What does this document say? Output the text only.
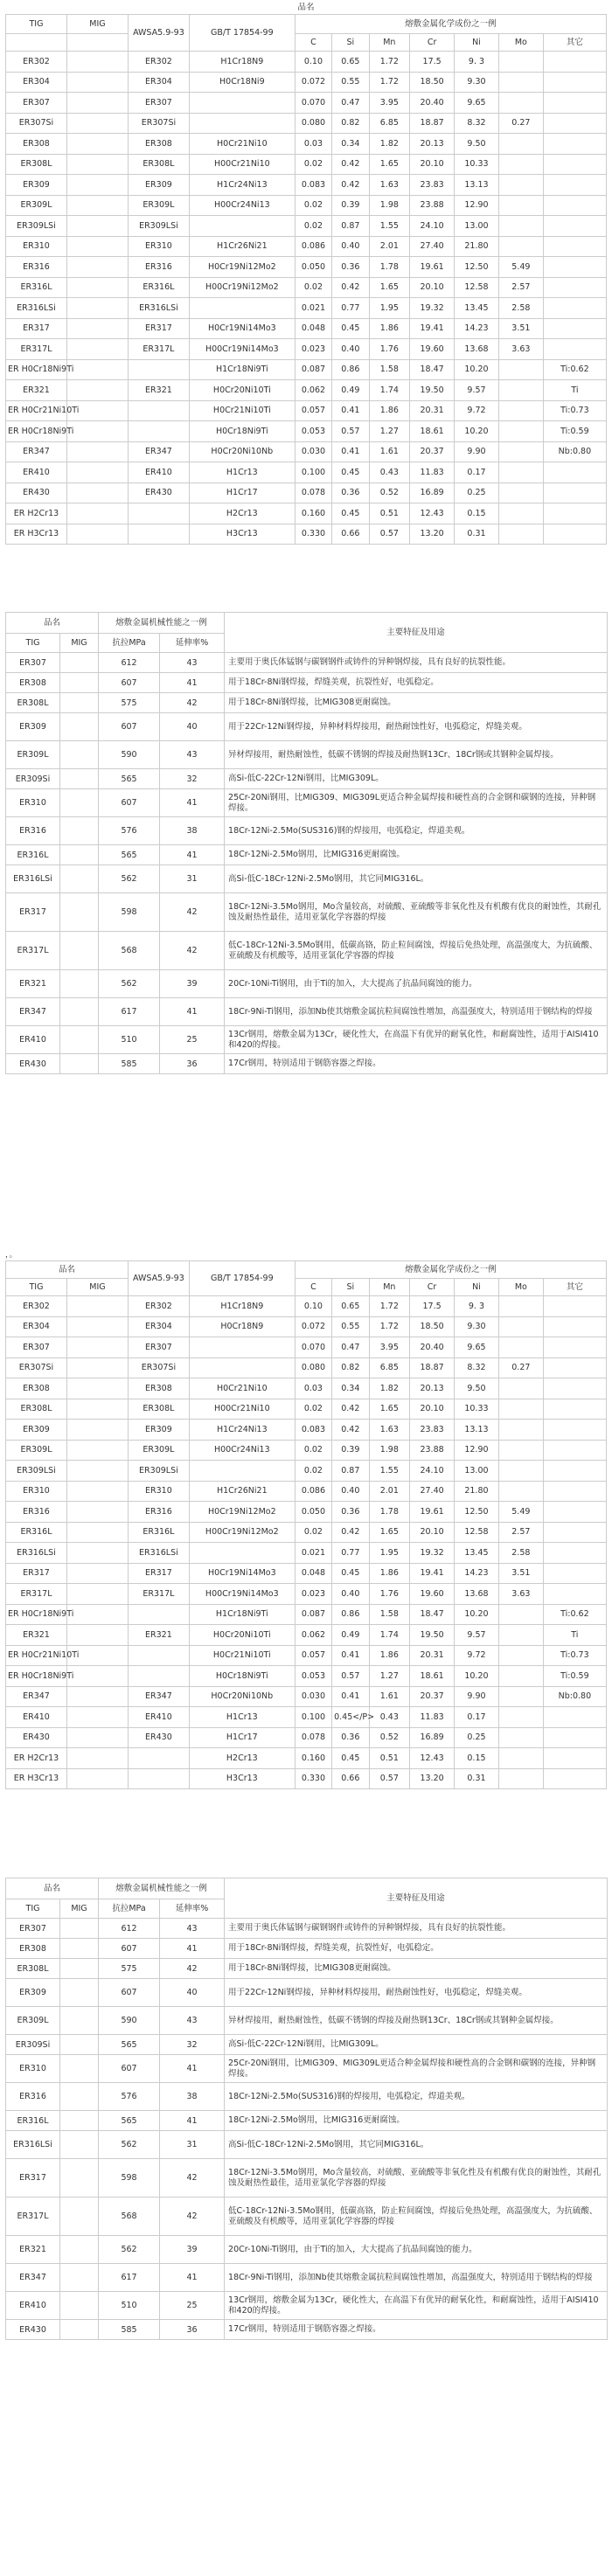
品名
TIG	MIG	AWSA5.9-93	GB/T 17854-99	熔敷金属化学成份之一例						
				C	Si	Mn	Cr	Ni	Mo	其它
ER302		ER302	H1Cr18N9	0.10	0.65	1.72	17.5	9. 3		
ER304		ER304	H0Cr18Ni9	0.072	0.55	1.72	18.50	9.30		
ER307		ER307		0.070	0.47	3.95	20.40	9.65		
ER307Si		ER307Si		0.080	0.82	6.85	18.87	8.32	0.27	
ER308		ER308	H0Cr21Ni10	0.03	0.34	1.82	20.13	9.50		
ER308L		ER308L	H00Cr21Ni10	0.02	0.42	1.65	20.10	10.33		
ER309		ER309	H1Cr24Ni13	0.083	0.42	1.63	23.83	13.13		
ER309L		ER309L	H00Cr24Ni13	0.02	0.39	1.98	23.88	12.90		
ER309LSi		ER309LSi		0.02	0.87	1.55	24.10	13.00		
ER310		ER310	H1Cr26Ni21	0.086	0.40	2.01	27.40	21.80		
ER316		ER316	H0Cr19Ni12Mo2	0.050	0.36	1.78	19.61	12.50	5.49	
ER316L		ER316L	H00Cr19Ni12Mo2	0.02	0.42	1.65	20.10	12.58	2.57	
ER316LSi		ER316LSi		0.021	0.77	1.95	19.32	13.45	2.58	
ER317		ER317	H0Cr19Ni14Mo3	0.048	0.45	1.86	19.41	14.23	3.51	
ER317L		ER317L	H00Cr19Ni14Mo3	0.023	0.40	1.76	19.60	13.68	3.63	
ER H0Cr18Ni9Ti			H1Cr18Ni9Ti	0.087	0.86	1.58	18.47	10.20		Ti:0.62
ER321		ER321	H0Cr20Ni10Ti	0.062	0.49	1.74	19.50	9.57		Ti
ER H0Cr21Ni10Ti			H0Cr21Ni10Ti	0.057	0.41	1.86	20.31	9.72		Ti:0.73
ER H0Cr18Ni9Ti			H0Cr18Ni9Ti	0.053	0.57	1.27	18.61	10.20		Ti:0.59
ER347		ER347	H0Cr20Ni10Nb	0.030	0.41	1.61	20.37	9.90		Nb:0.80
ER410		ER410	H1Cr13	0.100	0.45	0.43	11.83	0.17		
ER430		ER430	H1Cr17	0.078	0.36	0.52	16.89	0.25		
ER H2Cr13			H2Cr13	0.160	0.45	0.51	12.43	0.15		
ER H3Cr13			H3Cr13	0.330	0.66	0.57	13.20	0.31		
品名		熔敷金属机械性能之一例		主要特征及用途
TIG	MIG	抗拉MPa	延伸率%	
ER307		612	43	主要用于奥氏体锰钢与碳钢钢件或铸件的异种钢焊接，具有良好的抗裂性能。
ER308		607	41	用于18Cr-8Ni钢焊接，焊缝美观，抗裂性好，电弧稳定。
ER308L		575	42	用于18Cr-8Ni钢焊接，比MIG308更耐腐蚀。
ER309		607	40	用于22Cr-12Ni钢焊接，异种材料焊接用，耐热耐蚀性好，电弧稳定，焊缝美观。
ER309L		590	43	异材焊接用，耐热耐蚀性，低碳不锈钢的焊接及耐热钢13Cr、18Cr钢或其钢种金属焊接。
ER309Si		565	32	高Si-低C-22Cr-12Ni钢用，比MIG309L。
ER310		607	41	25Cr-20Ni钢用，比MIG309、MIG309L更适合种金属焊接和硬性高的合金钢和碳钢的连接，异种钢焊接。
ER316		576	38	18Cr-12Ni-2.5Mo(SUS316)钢的焊接用，电弧稳定，焊道美观。
ER316L		565	41	18Cr-12Ni-2.5Mo钢用，比MIG316更耐腐蚀。
ER316LSi		562	31	高Si-低C-18Cr-12Ni-2.5Mo钢用，其它同MIG316L。
ER317		598	42	18Cr-12Ni-3.5Mo钢用，Mo含量较高，对硫酸、亚硫酸等非氧化性及有机酸有优良的耐蚀性，其耐孔蚀及耐热性最佳，适用亚氯化学容器的焊接
ER317L		568	42	低C-18Cr-12Ni-3.5Mo钢用，低碳高铬，防止粒间腐蚀，焊接后免热处理，高温强度大，为抗硫酸、亚硫酸及有机酸等，适用亚氯化学容器的焊接
ER321		562	39	20Cr-10Ni-Ti钢用，由于Ti的加入，大大提高了抗晶间腐蚀的能力。
ER347		617	41	18Cr-9Ni-Ti钢用，添加Nb使其熔敷金属抗粒间腐蚀性增加，高温强度大，特别适用于钢结构的焊接
ER410		510	25	13Cr钢用，熔敷金属为13Cr，硬化性大，在高温下有优异的耐氧化性，和耐腐蚀性，适用于AISI410和420的焊接。
ER430		585	36	17Cr钢用，特别适用于钢筋容器之焊接。
，。
品名		AWSA5.9-93	GB/T 17854-99	熔敷金属化学成份之一例						
TIG	MIG			C	Si	Mn	Cr	Ni	Mo	其它
ER302		ER302	H1Cr18N9	0.10	0.65	1.72	17.5	9. 3		
ER304		ER304	H0Cr18N9	0.072	0.55	1.72	18.50	9.30		
ER307		ER307		0.070	0.47	3.95	20.40	9.65		
ER307Si		ER307Si		0.080	0.82	6.85	18.87	8.32	0.27	
ER308		ER308	H0Cr21Ni10	0.03	0.34	1.82	20.13	9.50		
ER308L		ER308L	H00Cr21Ni10	0.02	0.42	1.65	20.10	10.33		
ER309		ER309	H1Cr24Ni13	0.083	0.42	1.63	23.83	13.13		
ER309L		ER309L	H00Cr24Ni13	0.02	0.39	1.98	23.88	12.90		
ER309LSi		ER309LSi		0.02	0.87	1.55	24.10	13.00		
ER310		ER310	H1Cr26Ni21	0.086	0.40	2.01	27.40	21.80		
ER316		ER316	H0Cr19Ni12Mo2	0.050	0.36	1.78	19.61	12.50	5.49	
ER316L		ER316L	H00Cr19Ni12Mo2	0.02	0.42	1.65	20.10	12.58	2.57	
ER316LSi		ER316LSi		0.021	0.77	1.95	19.32	13.45	2.58	
ER317		ER317	H0Cr19Ni14Mo3	0.048	0.45	1.86	19.41	14.23	3.51	
ER317L		ER317L	H00Cr19Ni14Mo3	0.023	0.40	1.76	19.60	13.68	3.63	
ER H0Cr18Ni9Ti			H1Cr18Ni9Ti	0.087	0.86	1.58	18.47	10.20		Ti:0.62
ER321		ER321	H0Cr20Ni10Ti	0.062	0.49	1.74	19.50	9.57		Ti
ER H0Cr21Ni10Ti			H0Cr21Ni10Ti	0.057	0.41	1.86	20.31	9.72		Ti:0.73
ER H0Cr18Ni9Ti			H0Cr18Ni9Ti	0.053	0.57	1.27	18.61	10.20		Ti:0.59
ER347		ER347	H0Cr20Ni10Nb	0.030	0.41	1.61	20.37	9.90		Nb:0.80
ER410		ER410	H1Cr13	0.100	0.45</P>	0.43	11.83	0.17		
ER430		ER430	H1Cr17	0.078	0.36	0.52	16.89	0.25		
ER H2Cr13			H2Cr13	0.160	0.45	0.51	12.43	0.15		
ER H3Cr13			H3Cr13	0.330	0.66	0.57	13.20	0.31		
品名		熔敷金属机械性能之一例		主要特征及用途
TIG	MIG	抗拉MPa	延伸率%	
ER307		612	43	主要用于奥氏体锰钢与碳钢钢件或铸件的异种钢焊接，具有良好的抗裂性能。
ER308		607	41	用于18Cr-8Ni钢焊接，焊缝美观，抗裂性好，电弧稳定。
ER308L		575	42	用于18Cr-8Ni钢焊接，比MIG308更耐腐蚀。
ER309		607	40	用于22Cr-12Ni钢焊接，异种材料焊接用，耐热耐蚀性好，电弧稳定，焊缝美观。
ER309L		590	43	异材焊接用，耐热耐蚀性，低碳不锈钢的焊接及耐热钢13Cr、18Cr钢或其钢种金属焊接。
ER309Si		565	32	高Si-低C-22Cr-12Ni钢用，比MIG309L。
ER310		607	41	25Cr-20Ni钢用，比MIG309、MIG309L更适合种金属焊接和硬性高的合金钢和碳钢的连接，异种钢焊接。
ER316		576	38	18Cr-12Ni-2.5Mo(SUS316)钢的焊接用，电弧稳定，焊道美观。
ER316L		565	41	18Cr-12Ni-2.5Mo钢用，比MIG316更耐腐蚀。
ER316LSi		562	31	高Si-低C-18Cr-12Ni-2.5Mo钢用，其它同MIG316L。
ER317		598	42	18Cr-12Ni-3.5Mo钢用，Mo含量较高，对硫酸、亚硫酸等非氧化性及有机酸有优良的耐蚀性，其耐孔蚀及耐热性最佳，适用亚氯化学容器的焊接
ER317L		568	42	低C-18Cr-12Ni-3.5Mo钢用，低碳高铬，防止粒间腐蚀，焊接后免热处理，高温强度大，为抗硫酸、亚硫酸及有机酸等，适用亚氯化学容器的焊接
ER321		562	39	20Cr-10Ni-Ti钢用，由于Ti的加入，大大提高了抗晶间腐蚀的能力。
ER347		617	41	18Cr-9Ni-Ti钢用，添加Nb使其熔敷金属抗粒间腐蚀性增加，高温强度大，特别适用于钢结构的焊接
ER410		510	25	13Cr钢用，熔敷金属为13Cr，硬化性大，在高温下有优异的耐氧化性，和耐腐蚀性，适用于AISI410和420的焊接。
ER430		585	36	17Cr钢用，特别适用于钢筋容器之焊接。
